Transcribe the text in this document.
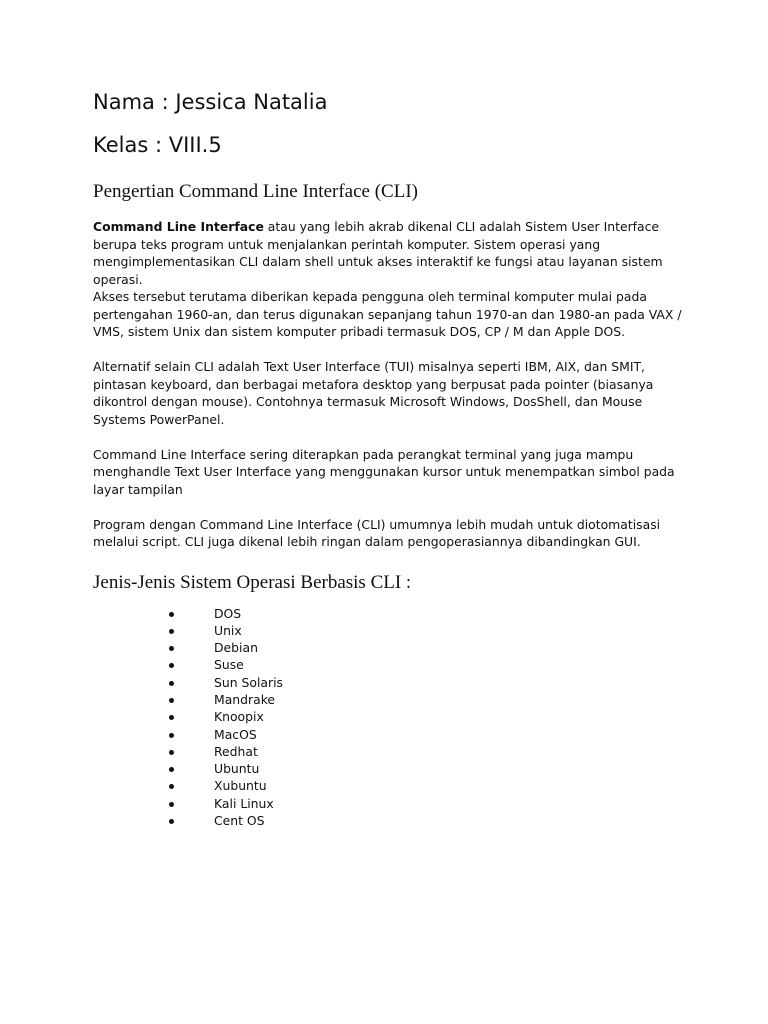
Nama : Jessica Natalia

Kelas : VIII.5

Pengertian Command Line Interface (CLI)

Command Line Interface atau yang lebih akrab dikenal CLI adalah Sistem User Interface berupa teks program untuk menjalankan perintah komputer. Sistem operasi yang mengimplementasikan CLI dalam shell untuk akses interaktif ke fungsi atau layanan sistem operasi.

Akses tersebut terutama diberikan kepada pengguna oleh terminal komputer mulai pada pertengahan 1960-an, dan terus digunakan sepanjang tahun 1970-an dan 1980-an pada VAX / VMS, sistem Unix dan sistem komputer pribadi termasuk DOS, CP / M dan Apple DOS.

Alternatif selain CLI adalah Text User Interface (TUI) misalnya seperti IBM, AIX, dan SMIT, pintasan keyboard, dan berbagai metafora desktop yang berpusat pada pointer (biasanya dikontrol dengan mouse). Contohnya termasuk Microsoft Windows, DosShell, dan Mouse Systems PowerPanel.

Command Line Interface sering diterapkan pada perangkat terminal yang juga mampu menghandle Text User Interface yang menggunakan kursor untuk menempatkan simbol pada layar tampilan

Program dengan Command Line Interface (CLI) umumnya lebih mudah untuk diotomatisasi melalui script. CLI juga dikenal lebih ringan dalam pengoperasiannya dibandingkan GUI.

Jenis-Jenis Sistem Operasi Berbasis CLI :
DOS
Unix
Debian
Suse
Sun Solaris
Mandrake
Knoopix
MacOS
Redhat
Ubuntu
Xubuntu
Kali Linux
Cent OS
